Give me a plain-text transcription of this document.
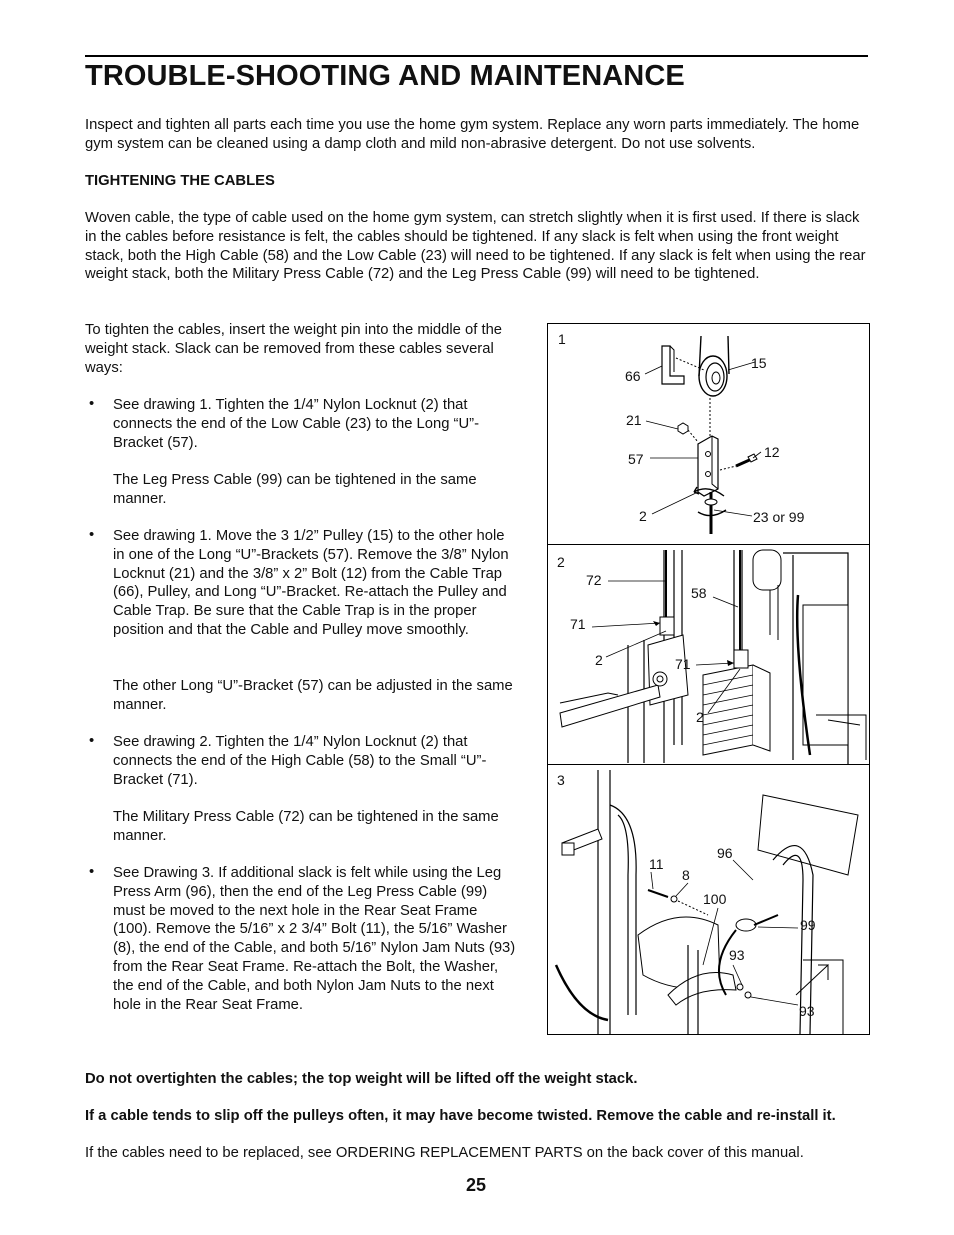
TROUBLE-SHOOTING AND MAINTENANCE

Inspect and tighten all parts each time you use the home gym system. Replace any worn parts immediately. The home gym system can be cleaned using a damp cloth and mild non-abrasive detergent. Do not use solvents.

TIGHTENING THE CABLES

Woven cable, the type of cable used on the home gym system, can stretch slightly when it is first used. If there is slack in the cables before resistance is felt, the cables should be tightened. If any slack is felt when using the front weight stack, both the High Cable (58) and the Low Cable (23) will need to be tightened. If any slack is felt when using the rear weight stack, both the Military Press Cable (72) and the Leg Press Cable (99) will need to be tightened.

To tighten the cables, insert the weight pin into the middle of the weight stack. Slack can be removed from these cables several ways:

• See drawing 1. Tighten the 1/4” Nylon Locknut (2) that connects the end of the Low Cable (23) to the Long “U”-Bracket (57).

The Leg Press Cable (99) can be tightened in the same manner.

• See drawing 1. Move the 3 1/2” Pulley (15) to the other hole in one of the Long “U”-Brackets (57). Remove the 3/8” Nylon Locknut (21) and the 3/8” x 2” Bolt (12) from the Cable Trap (66), Pulley, and Long “U”-Bracket. Re-attach the Pulley and Cable Trap. Be sure that the Cable Trap is in the proper position and that the Cable and Pulley move smoothly.

The other Long “U”-Bracket (57) can be adjusted in the same manner.

• See drawing 2. Tighten the 1/4” Nylon Locknut (2) that connects the end of the High Cable (58) to the Small “U”-Bracket (71).

The Military Press Cable (72) can be tightened in the same manner.

• See Drawing 3. If additional slack is felt while using the Leg Press Arm (96), then the end of the Leg Press Cable (99) must be moved to the next hole in the Rear Seat Frame (100). Remove the 5/16” x 2 3/4” Bolt (11), the 5/16” Washer (8), the end of the Cable, and both 5/16” Nylon Jam Nuts (93) from the Rear Seat Frame. Re-attach the Bolt, the Washer, the end of the Cable, and both Nylon Jam Nuts to the next hole in the Rear Seat Frame.

1
66
15
21
12
57
2	23 or 99
2
72
58
71
71
2
2
3
96
11
8
100
99
93
93

Do not overtighten the cables; the top weight will be lifted off the weight stack.

If a cable tends to slip off the pulleys often, it may have become twisted. Remove the cable and re-install it.

If the cables need to be replaced, see ORDERING REPLACEMENT PARTS on the back cover of this manual.

25
